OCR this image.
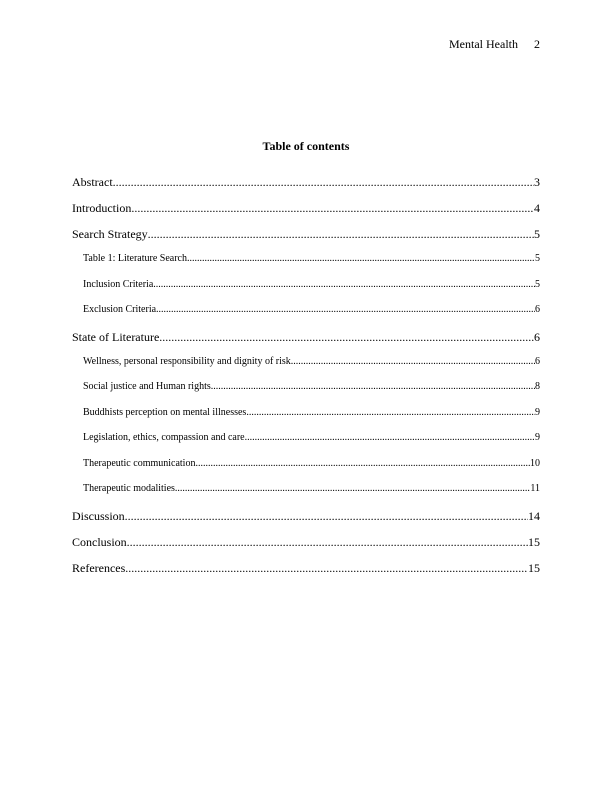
Mental Health 2
Table of contents
Abstract .....	3
Introduction .....	4
Search Strategy .....	5
Table 1: Literature Search .....	5
Inclusion Criteria .....	5
Exclusion Criteria .....	6
State of Literature .....	6
Wellness, personal responsibility and dignity of risk .....	6
Social justice and Human rights .....	8
Buddhists perception on mental illnesses .....	9
Legislation, ethics, compassion and care .....	9
Therapeutic communication .....	10
Therapeutic modalities .....	11
Discussion .....	14
Conclusion .....	15
References .....	15
